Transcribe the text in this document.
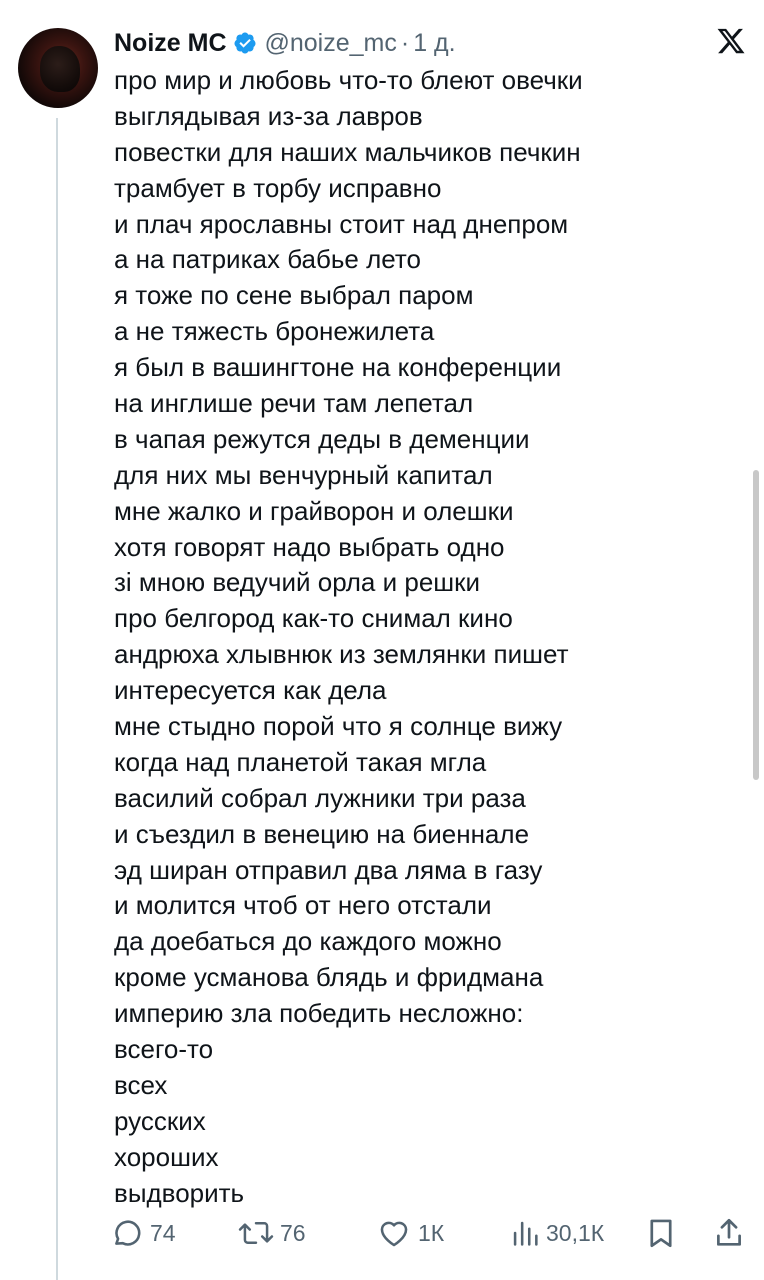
Noize MC @noize_mc · 1 д.
про мир и любовь что-то блеют овечки
выглядывая из-за лавров
повестки для наших мальчиков печкин
трамбует в торбу исправно
и плач ярославны стоит над днепром
а на патриках бабье лето
я тоже по сене выбрал паром
а не тяжесть бронежилета
я был в вашингтоне на конференции
на инглише речи там лепетал
в чапая режутся деды в деменции
для них мы венчурный капитал
мне жалко и грайворон и олешки
хотя говорят надо выбрать одно
зі мною ведучий орла и решки
про белгород как-то снимал кино
андрюха хлывнюк из землянки пишет
интересуется как дела
мне стыдно порой что я солнце вижу
когда над планетой такая мгла
василий собрал лужники три раза
и съездил в венецию на биеннале
эд ширан отправил два ляма в газу
и молится чтоб от него отстали
да доебаться до каждого можно
кроме усманова блядь и фридмана
империю зла победить несложно:
всего-то
всех
русских
хороших
выдворить
74	76	1К	30,1К
